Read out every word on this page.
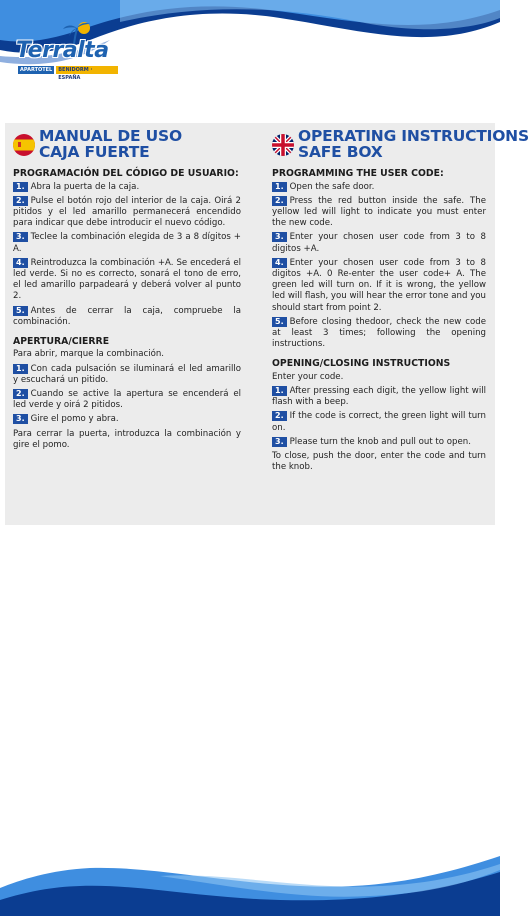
Terralta
APARTOTEL	BENIDORM · ESPAÑA
MANUAL DE USO
CAJA FUERTE
PROGRAMACIÓN DEL CÓDIGO DE USUARIO:
1. Abra la puerta de la caja.
2. Pulse el botón rojo del interior de la caja. Oirá 2 pitidos y el led amarillo permanecerá encendido para indicar que debe introducir el nuevo código.
3. Teclee la combinación elegida de 3 a 8 dígitos + A.
4. Reintroduzca la combinación +A. Se encederá el led verde. Si no es correcto, sonará el tono de erro, el led amarillo parpadeará y deberá volver al punto 2.
5. Antes de cerrar la caja, compruebe la combinación.
APERTURA/CIERRE
Para abrir, marque la combinación.
1. Con cada pulsación se iluminará el led amarillo y escuchará un pitido.
2. Cuando se active la apertura se encenderá el led verde y oirá 2 pitidos.
3. Gire el pomo y abra.
Para cerrar la puerta, introduzca la combinación y gire el pomo.
OPERATING INSTRUCTIONS
SAFE BOX
PROGRAMMING THE USER CODE:
1. Open the safe door.
2. Press the red button inside the safe. The yellow led will light to indicate you must enter the new code.
3. Enter your chosen user code from 3 to 8 digitos +A.
4. Enter your chosen user code from 3 to 8 digitos +A. 0 Re-enter the user code+ A. The green led will turn on. If it is wrong, the yellow led will flash, you will hear the error tone and you should start from point 2.
5. Before closing thedoor, check the new code at least 3 times; following the opening instructions.
OPENING/CLOSING INSTRUCTIONS
Enter your code.
1. After pressing each digit, the yellow light will flash with a beep.
2. If the code is correct, the green light will turn on.
3. Please turn the knob and pull out to open.
To close, push the door, enter the code and turn the knob.
